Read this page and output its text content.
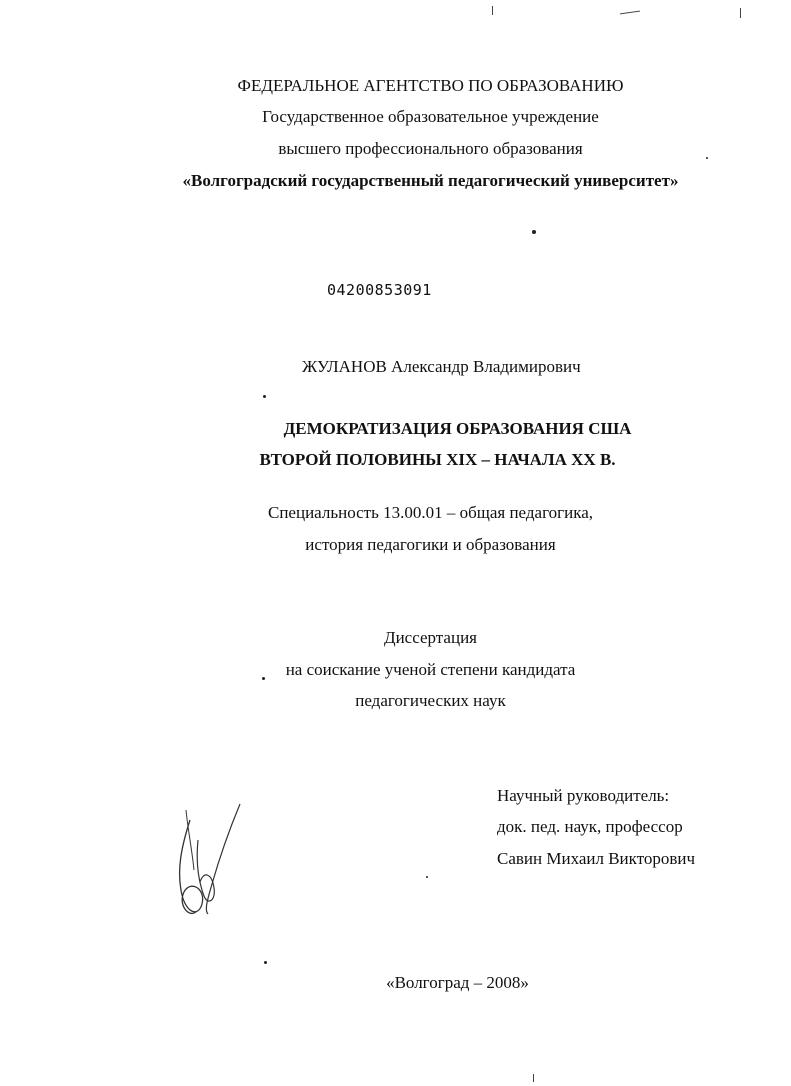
ФЕДЕРАЛЬНОЕ АГЕНТСТВО ПО ОБРАЗОВАНИЮ
Государственное образовательное учреждение
высшего профессионального образования
«Волгоградский государственный педагогический университет»
04200853091
ЖУЛАНОВ Александр Владимирович
ДЕМОКРАТИЗАЦИЯ ОБРАЗОВАНИЯ США
ВТОРОЙ ПОЛОВИНЫ XIX – НАЧАЛА XX В.
Специальность 13.00.01 – общая педагогика,
история педагогики и образования
Диссертация
на соискание ученой степени кандидата
педагогических наук
Научный руководитель:
док. пед. наук, профессор
Савин Михаил Викторович
«Волгоград – 2008»
